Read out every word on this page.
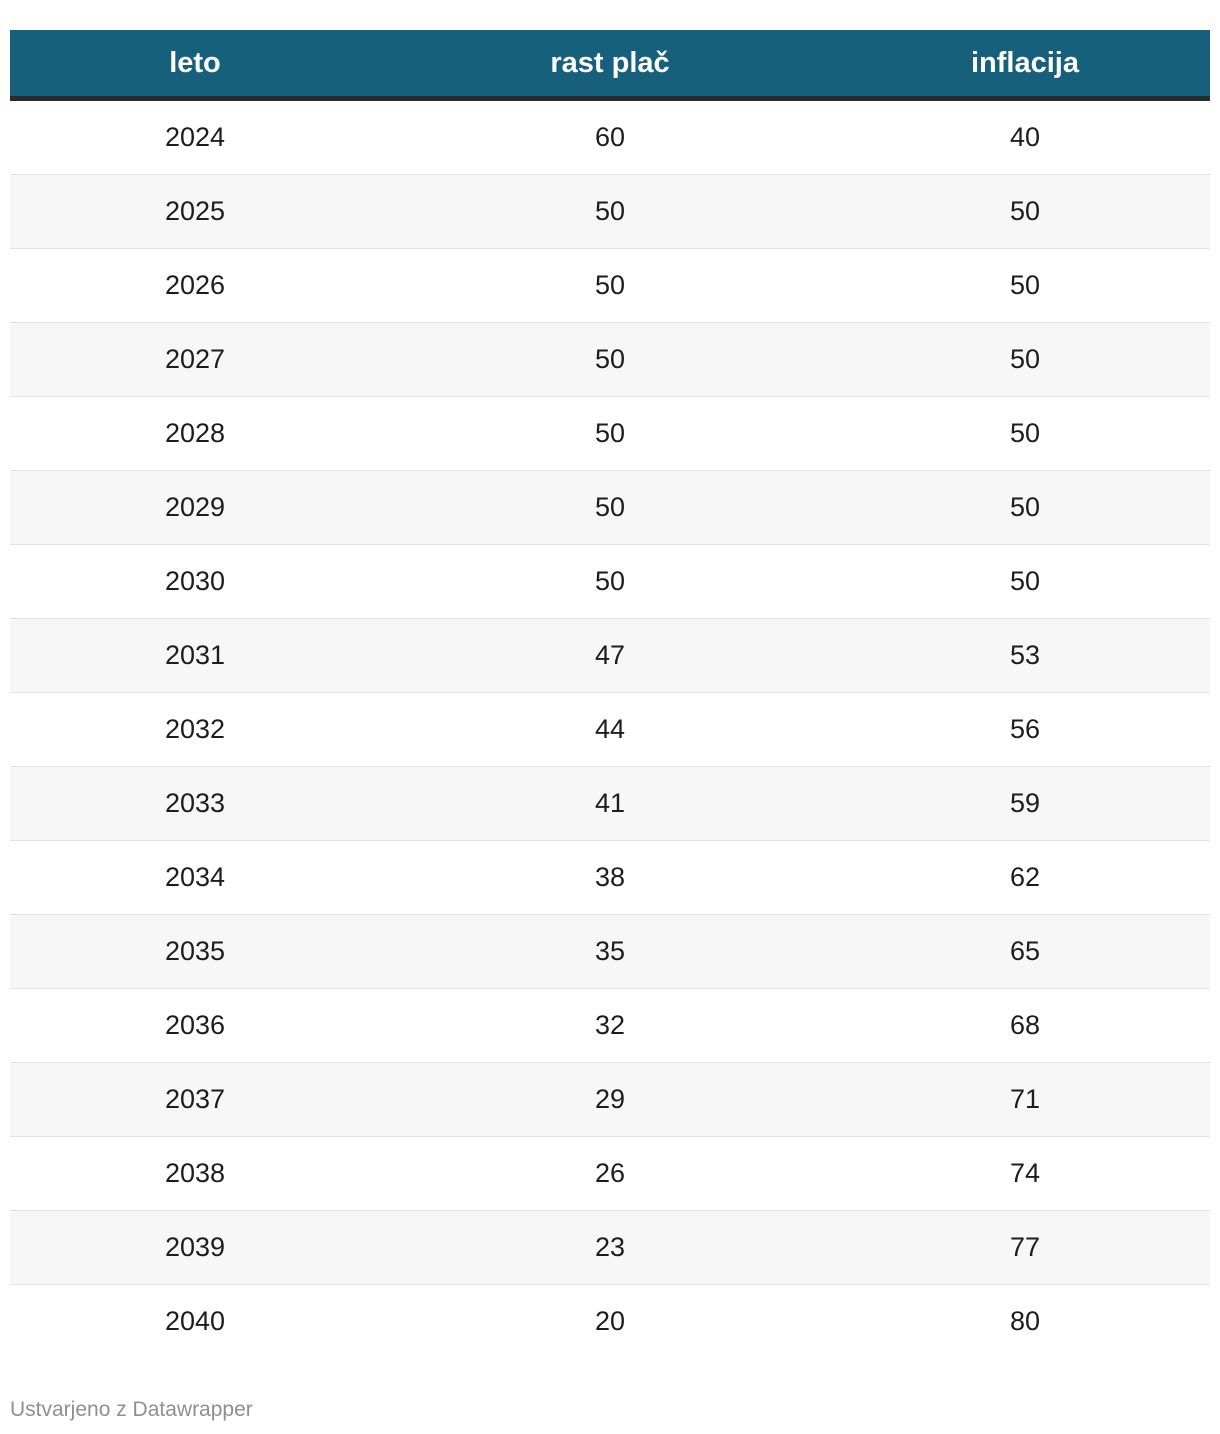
leto	rast plač	inflacija
2024	60	40
2025	50	50
2026	50	50
2027	50	50
2028	50	50
2029	50	50
2030	50	50
2031	47	53
2032	44	56
2033	41	59
2034	38	62
2035	35	65
2036	32	68
2037	29	71
2038	26	74
2039	23	77
2040	20	80
Ustvarjeno z Datawrapper
